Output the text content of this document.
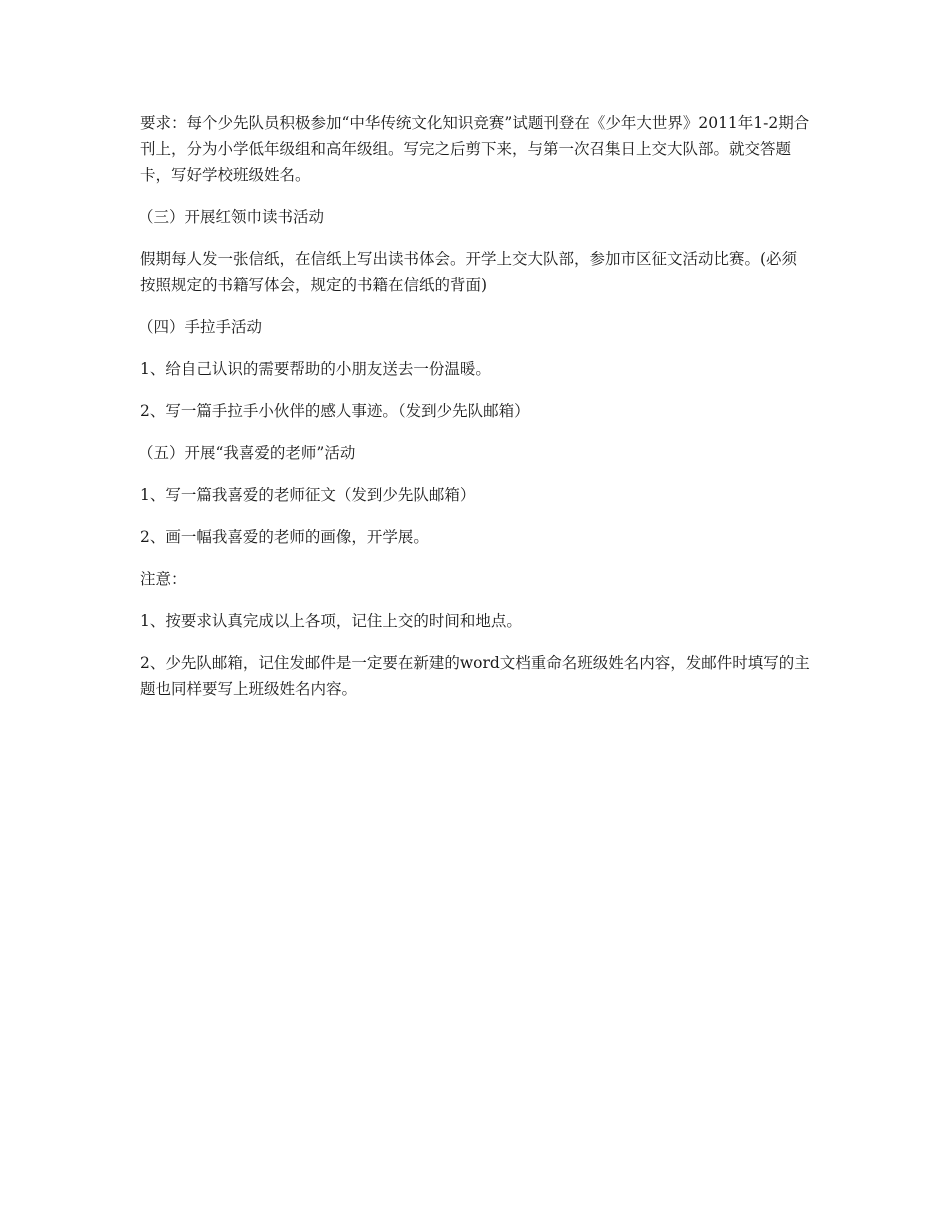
要求：每个少先队员积极参加“中华传统文化知识竞赛”试题刊登在《少年大世界》2011年1-2期合刊上，分为小学低年级组和高年级组。写完之后剪下来，与第一次召集日上交大队部。就交答题卡，写好学校班级姓名。

（三）开展红领巾读书活动

假期每人发一张信纸，在信纸上写出读书体会。开学上交大队部，参加市区征文活动比赛。(必须按照规定的书籍写体会，规定的书籍在信纸的背面)

（四）手拉手活动

1、给自己认识的需要帮助的小朋友送去一份温暖。

2、写一篇手拉手小伙伴的感人事迹。（发到少先队邮箱）

（五）开展“我喜爱的老师”活动

1、写一篇我喜爱的老师征文（发到少先队邮箱）

2、画一幅我喜爱的老师的画像，开学展。

注意：

1、按要求认真完成以上各项，记住上交的时间和地点。

2、少先队邮箱，记住发邮件是一定要在新建的word文档重命名班级姓名内容，发邮件时填写的主题也同样要写上班级姓名内容。
